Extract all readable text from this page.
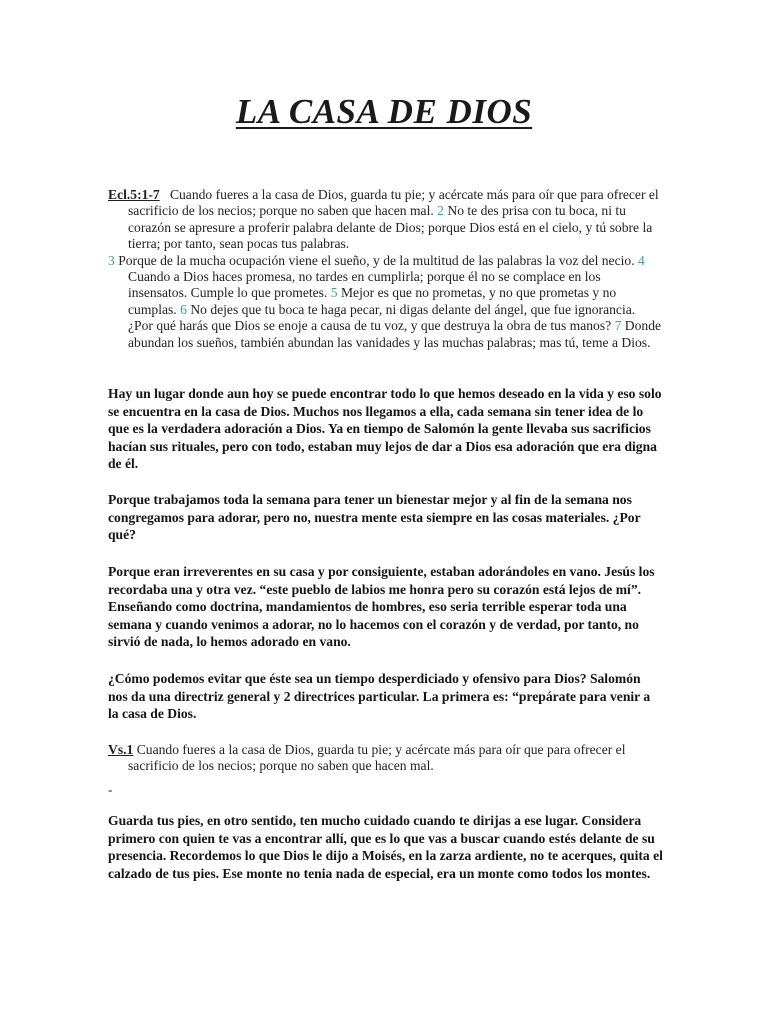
LA CASA DE DIOS

Ecl.5:1-7 Cuando fueres a la casa de Dios, guarda tu pie; y acércate más para oír que para ofrecer el sacrificio de los necios; porque no saben que hacen mal. 2 No te des prisa con tu boca, ni tu corazón se apresure a proferir palabra delante de Dios; porque Dios está en el cielo, y tú sobre la tierra; por tanto, sean pocas tus palabras.

3 Porque de la mucha ocupación viene el sueño, y de la multitud de las palabras la voz del necio. 4 Cuando a Dios haces promesa, no tardes en cumplirla; porque él no se complace en los insensatos. Cumple lo que prometes. 5 Mejor es que no prometas, y no que prometas y no cumplas. 6 No dejes que tu boca te haga pecar, ni digas delante del ángel, que fue ignorancia. ¿Por qué harás que Dios se enoje a causa de tu voz, y que destruya la obra de tus manos? 7 Donde abundan los sueños, también abundan las vanidades y las muchas palabras; mas tú, teme a Dios.

Hay un lugar donde aun hoy se puede encontrar todo lo que hemos deseado en la vida y eso solo se encuentra en la casa de Dios. Muchos nos llegamos a ella, cada semana sin tener idea de lo que es la verdadera adoración a Dios. Ya en tiempo de Salomón la gente llevaba sus sacrificios hacían sus rituales, pero con todo, estaban muy lejos de dar a Dios esa adoración que era digna de él.

Porque trabajamos toda la semana para tener un bienestar mejor y al fin de la semana nos congregamos para adorar, pero no, nuestra mente esta siempre en las cosas materiales. ¿Por qué?

Porque eran irreverentes en su casa y por consiguiente, estaban adorándoles en vano. Jesús los recordaba una y otra vez. “este pueblo de labios me honra pero su corazón está lejos de mí”. Enseñando como doctrina, mandamientos de hombres, eso seria terrible esperar toda una semana y cuando venimos a adorar, no lo hacemos con el corazón y de verdad, por tanto, no sirvió de nada, lo hemos adorado en vano.

¿Cómo podemos evitar que éste sea un tiempo desperdiciado y ofensivo para Dios? Salomón nos da una directriz general y 2 directrices particular. La primera es: “prepárate para venir a la casa de Dios.

Vs.1 Cuando fueres a la casa de Dios, guarda tu pie; y acércate más para oír que para ofrecer el sacrificio de los necios; porque no saben que hacen mal.

-

Guarda tus pies, en otro sentido, ten mucho cuidado cuando te dirijas a ese lugar. Considera primero con quien te vas a encontrar allí, que es lo que vas a buscar cuando estés delante de su presencia. Recordemos lo que Dios le dijo a Moisés, en la zarza ardiente, no te acerques, quita el calzado de tus pies. Ese monte no tenia nada de especial, era un monte como todos los montes.
